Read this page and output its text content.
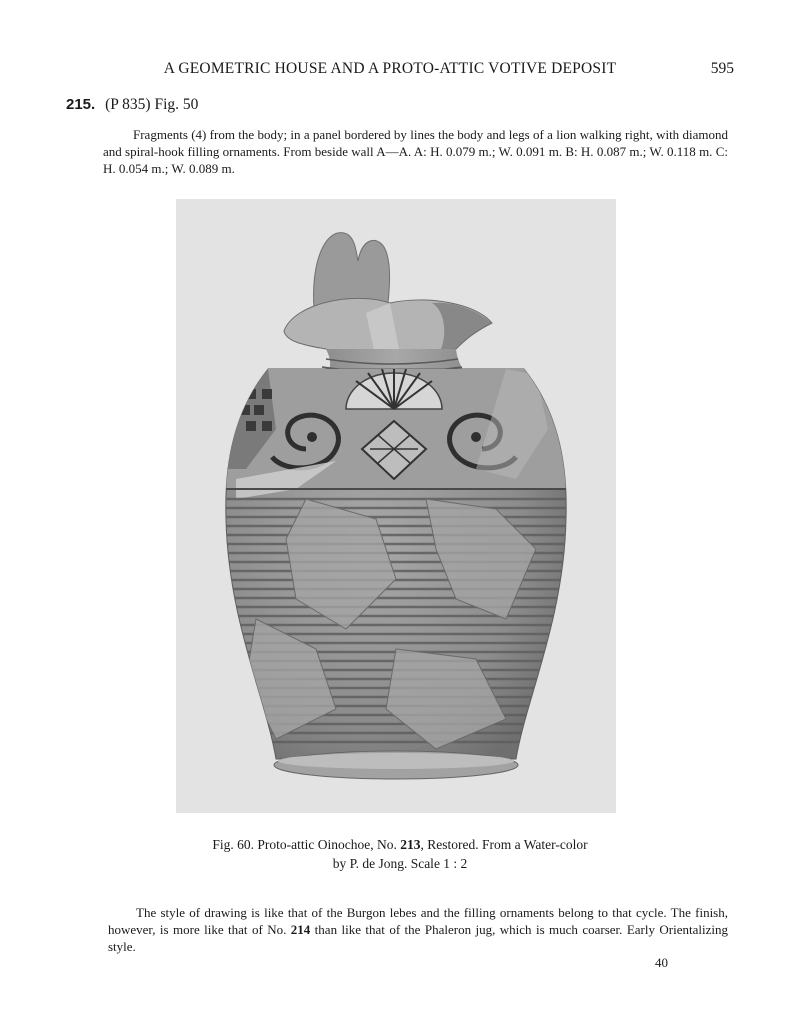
A GEOMETRIC HOUSE AND A PROTO-ATTIC VOTIVE DEPOSIT	595
215. (P 835) Fig. 50

Fragments (4) from the body; in a panel bordered by lines the body and legs of a lion walking right, with diamond and spiral-hook filling ornaments. From beside wall A—A. A: H. 0.079 m.; W. 0.091 m. B: H. 0.087 m.; W. 0.118 m. C: H. 0.054 m.; W. 0.089 m.

Fig. 60. Proto-attic Oinochoe, No. 213, Restored. From a Water-color
by P. de Jong. Scale 1 : 2

The style of drawing is like that of the Burgon lebes and the filling ornaments belong to that cycle. The finish, however, is more like that of No. 214 than like that of the Phaleron jug, which is much coarser. Early Orientalizing style.

40
